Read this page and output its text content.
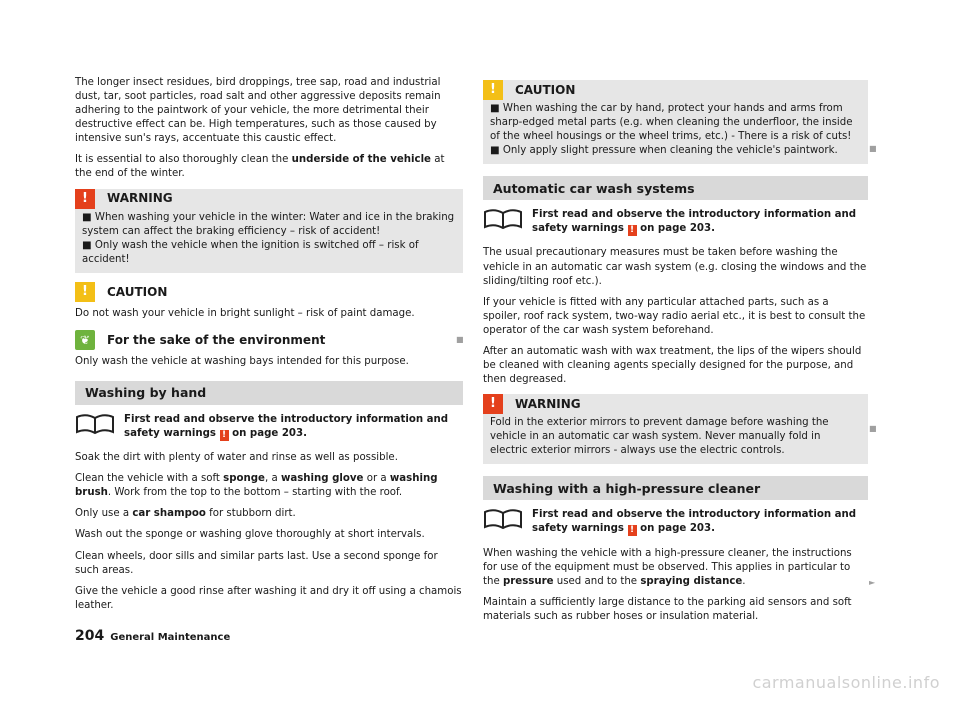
The longer insect residues, bird droppings, tree sap, road and industrial dust, tar, soot particles, road salt and other aggressive deposits remain adhering to the paintwork of your vehicle, the more detrimental their destructive effect can be. High temperatures, such as those caused by intensive sun's rays, accentuate this caustic effect.

It is essential to also thoroughly clean the underside of the vehicle at the end of the winter.

!	WARNING
■ When washing your vehicle in the winter: Water and ice in the braking system can affect the braking efficiency – risk of accident!
■ Only wash the vehicle when the ignition is switched off – risk of accident!
!	CAUTION

Do not wash your vehicle in bright sunlight – risk of paint damage.

❦	For the sake of the environment

Only wash the vehicle at washing bays intended for this purpose.

Washing by hand
First read and observe the introductory information and safety warnings ! on page 203.

Soak the dirt with plenty of water and rinse as well as possible.

Clean the vehicle with a soft sponge, a washing glove or a washing brush. Work from the top to the bottom – starting with the roof.

Only use a car shampoo for stubborn dirt.

Wash out the sponge or washing glove thoroughly at short intervals.

Clean wheels, door sills and similar parts last. Use a second sponge for such areas.

Give the vehicle a good rinse after washing it and dry it off using a chamois leather.

■
!	CAUTION
■ When washing the car by hand, protect your hands and arms from sharp-edged metal parts (e.g. when cleaning the underfloor, the inside of the wheel housings or the wheel trims, etc.) - There is a risk of cuts!
■ Only apply slight pressure when cleaning the vehicle's paintwork.
Automatic car wash systems
First read and observe the introductory information and safety warnings ! on page 203.

The usual precautionary measures must be taken before washing the vehicle in an automatic car wash system (e.g. closing the windows and the sliding/tilting roof etc.).

If your vehicle is fitted with any particular attached parts, such as a spoiler, roof rack system, two-way radio aerial etc., it is best to consult the operator of the car wash system beforehand.

After an automatic wash with wax treatment, the lips of the wipers should be cleaned with cleaning agents specially designed for the purpose, and then degreased.

!	WARNING
Fold in the exterior mirrors to prevent damage before washing the vehicle in an automatic car wash system. Never manually fold in electric exterior mirrors - always use the electric controls.
Washing with a high-pressure cleaner
First read and observe the introductory information and safety warnings ! on page 203.

When washing the vehicle with a high-pressure cleaner, the instructions for use of the equipment must be observed. This applies in particular to the pressure used and to the spraying distance.

Maintain a sufficiently large distance to the parking aid sensors and soft materials such as rubber hoses or insulation material.

■
■
►
204 General Maintenance
carmanualsonline.info
